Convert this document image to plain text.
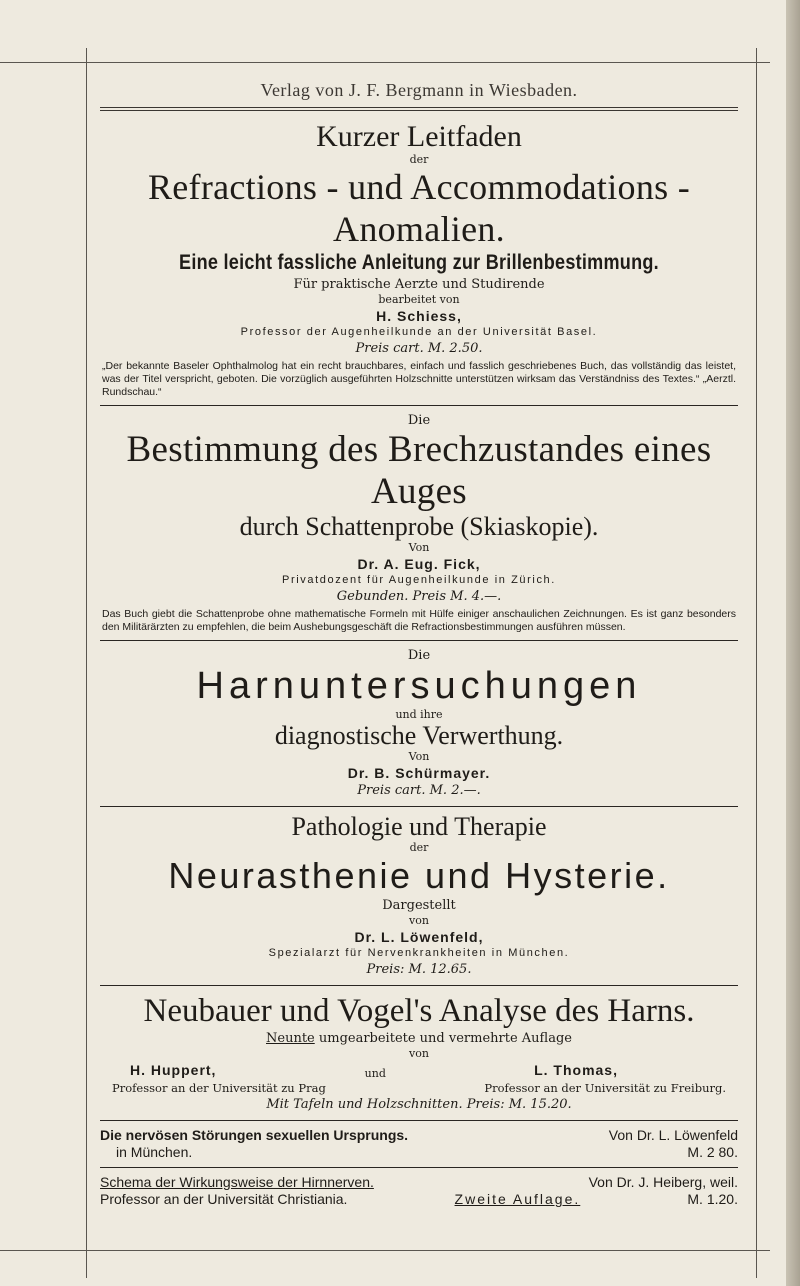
Verlag von J. F. Bergmann in Wiesbaden.
Kurzer Leitfaden
der
Refractions - und Accommodations - Anomalien.
Eine leicht fassliche Anleitung zur Brillenbestimmung.
Für praktische Aerzte und Studirende
bearbeitet von
H. Schiess,
Professor der Augenheilkunde an der Universität Basel.
Preis cart. M. 2.50.
„Der bekannte Baseler Ophthalmolog hat ein recht brauchbares, einfach und fasslich geschriebenes Buch, das vollständig das leistet, was der Titel verspricht, geboten. Die vorzüglich ausgeführten Holzschnitte unterstützen wirksam das Verständniss des Textes.“ „Aerztl. Rundschau.“
Die
Bestimmung des Brechzustandes eines Auges
durch Schattenprobe (Skiaskopie).
Von
Dr. A. Eug. Fick,
Privatdozent für Augenheilkunde in Zürich.
Gebunden. Preis M. 4.—.
Das Buch giebt die Schattenprobe ohne mathematische Formeln mit Hülfe einiger anschaulichen Zeichnungen. Es ist ganz besonders den Militärärzten zu empfehlen, die beim Aushebungsgeschäft die Refractionsbestimmungen ausführen müssen.
Die
Harnuntersuchungen
und ihre
diagnostische Verwerthung.
Von
Dr. B. Schürmayer.
Preis cart. M. 2.—.
Pathologie und Therapie
der
Neurasthenie und Hysterie.
Dargestellt
von
Dr. L. Löwenfeld,
Spezialarzt für Nervenkrankheiten in München.
Preis: M. 12.65.
Neubauer und Vogel's Analyse des Harns.
Neunte umgearbeitete und vermehrte Auflage
von
H. Huppert,	und	L. Thomas,
Professor an der Universität zu Prag	Professor an der Universität zu Freiburg.
Mit Tafeln und Holzschnitten. Preis: M. 15.20.
Die nervösen Störungen sexuellen Ursprungs.	Von Dr. L. Löwenfeld
in München.	M. 2 80.
Schema der Wirkungsweise der Hirnnerven.	Von Dr. J. Heiberg, weil.
Professor an der Universität Christiania.	Zweite Auflage.	M. 1.20.
